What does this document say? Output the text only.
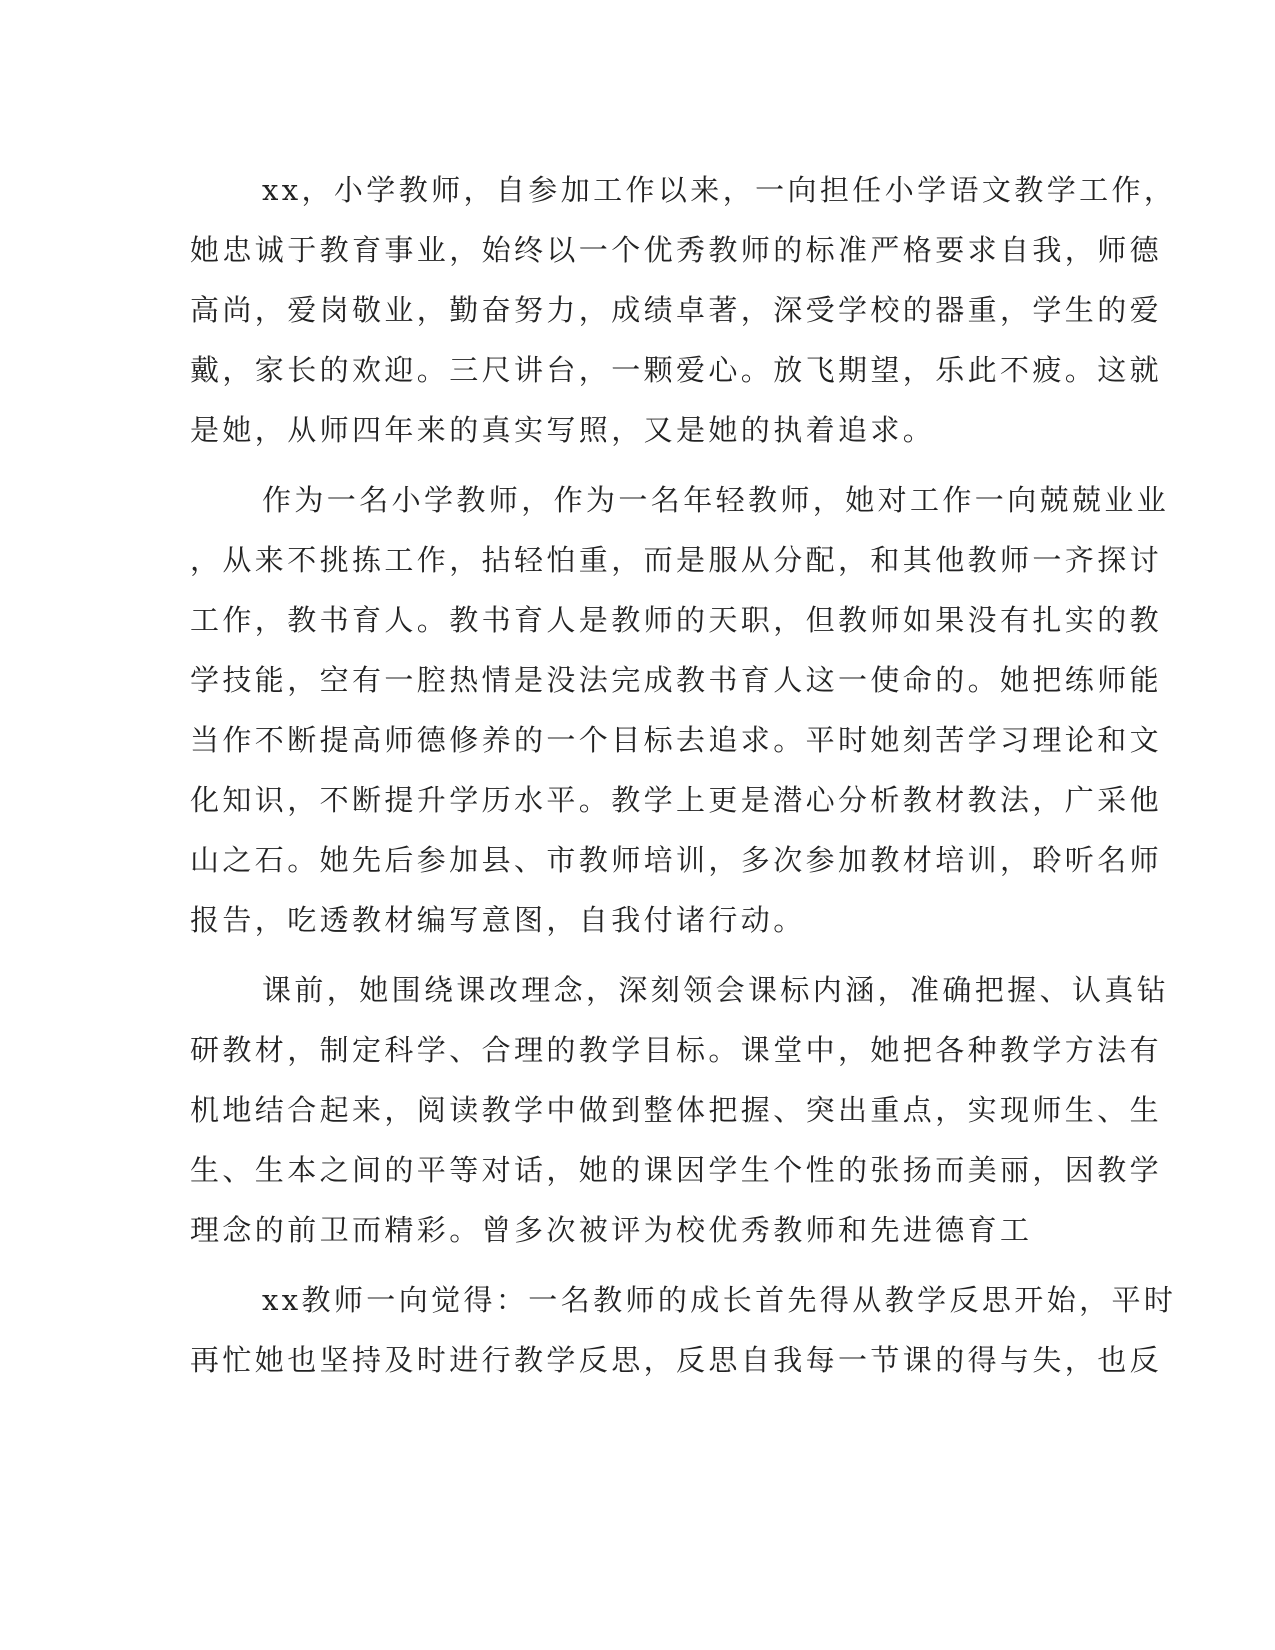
xx，小学教师，自参加工作以来，一向担任小学语文教学工作，
她忠诚于教育事业，始终以一个优秀教师的标准严格要求自我，师德
高尚，爱岗敬业，勤奋努力，成绩卓著，深受学校的器重，学生的爱
戴，家长的欢迎。三尺讲台，一颗爱心。放飞期望，乐此不疲。这就
是她，从师四年来的真实写照，又是她的执着追求。
作为一名小学教师，作为一名年轻教师，她对工作一向兢兢业业
，从来不挑拣工作，拈轻怕重，而是服从分配，和其他教师一齐探讨
工作，教书育人。教书育人是教师的天职，但教师如果没有扎实的教
学技能，空有一腔热情是没法完成教书育人这一使命的。她把练师能
当作不断提高师德修养的一个目标去追求。平时她刻苦学习理论和文
化知识，不断提升学历水平。教学上更是潜心分析教材教法，广采他
山之石。她先后参加县、市教师培训，多次参加教材培训，聆听名师
报告，吃透教材编写意图，自我付诸行动。
课前，她围绕课改理念，深刻领会课标内涵，准确把握、认真钻
研教材，制定科学、合理的教学目标。课堂中，她把各种教学方法有
机地结合起来，阅读教学中做到整体把握、突出重点，实现师生、生
生、生本之间的平等对话，她的课因学生个性的张扬而美丽，因教学
理念的前卫而精彩。曾多次被评为校优秀教师和先进德育工
xx教师一向觉得：一名教师的成长首先得从教学反思开始，平时
再忙她也坚持及时进行教学反思，反思自我每一节课的得与失，也反
